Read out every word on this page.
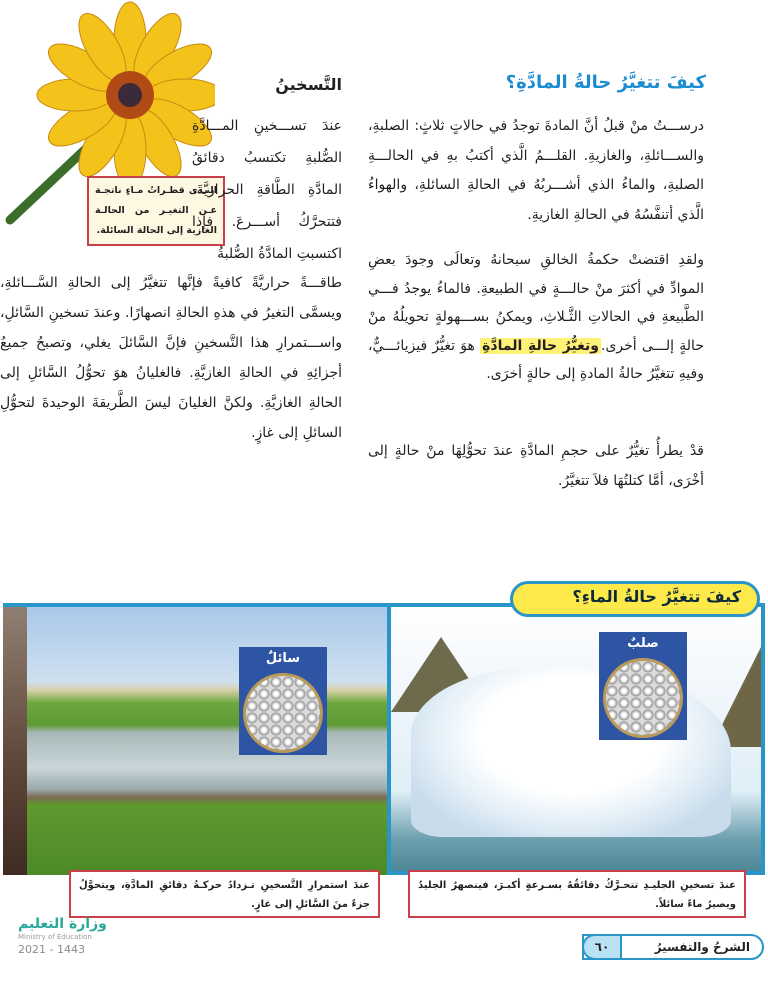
النـدى قطـراتُ مـاءٍ ناتجـة عـن التغيـر من الحالـة الغازية إلى الحالة السائلة.
كيفَ تتغيَّرُ حالةُ المادَّةِ؟

درســـتُ منْ قبلُ أنَّ المادةَ توجدُ في حالاتٍ ثلاثٍ: الصلبةِ، والســـائلةِ، والغازيةِ. القلـــمُ الَّذي أكتبُ بهِ في الحالـــةِ الصلبةِ، والماءُ الذي أشـــربُهُ في الحالةِ السائلةِ، والهواءُ الَّذي أتنفَّسُهُ في الحالةِ الغازيةِ.

ولقدِ اقتضتْ حكمةُ الخالقِ سبحانهُ وتعالَى وجودَ بعضِ الموادِّ في أكثرَ منْ حالـــةٍ في الطبيعةِ. فالماءُ يوجدُ فـــي الطَّبيعةِ في الحالاتِ الثَّـلاثِ، ويمكنُ بســـهولةٍ تحويلُهُ منْ حالةٍ إلـــى أخرى.وتغيُّرُ حالةِ المادَّةِ هوَ تغيُّرٌ فيزيائـــيٌّ، وفيهِ تتغيَّرُ حالةُ المادةِ إلى حالةٍ أخرَى.

قدْ يطرأُ تغيُّرٌ على حجمِ المادَّةِ عندَ تحوُّلِهَا منْ حالةٍ إلى أخْرَى، أمَّا كتلتُهَا فلاَ تتغيَّرُ.

التَّسخينُ

عندَ تســـخينِ المـــادَّةِ الصُّلبةِ تكتسبُ دقائقُ المادَّةِ الطَّاقةِ الحراريَّةَ، فتتحرَّكُ أســـرعَ. فإذا اكتسبتِ المادَّةُ الصُّلبةُ

طاقـــةً حراريَّةً كافيةً فإنَّها تتغيَّرُ إلى الحالةِ السَّـــائلةِ، ويسمَّى التغيرُ في هذهِ الحالةِ انصهارًا. وعندَ تسخينِ السَّائلِ، واســـتمرارِ هذا التَّسخينِ فإنَّ السَّائلَ يغلي، وتصبحُ جميعُ أجزائِهِ في الحالةِ الغازيَّةِ. فالغليانُ هوَ تحوُّلُ السَّائلِ إلى الحالةِ الغازيَّةِ. ولكنَّ الغليانَ ليسَ الطَّريقةَ الوحيدةَ لتحوُّلِ السائلِ إلى غازٍ.

سائلٌ
صلبٌ
كيفَ تتغيَّرُ حالةُ الماءِ؟
عندَ استمرارِ التَّسخينِ تـزدادُ حركـةُ دقائقِ المادَّةِ، ويتحوَّلُ جزءٌ منَ السَّائلِ إلى غازٍ.
عندَ تسخينِ الجليـدِ تتحـرَّكُ دقائقُهُ بسـرعةٍ أكبـرَ، فينصهرُ الجليدُ ويصيرُ ماءً سائلاً.
وزارة التعليم
Ministry of Education
2021 - 1443	٦٠	الشرحُ والتفسيرُ
